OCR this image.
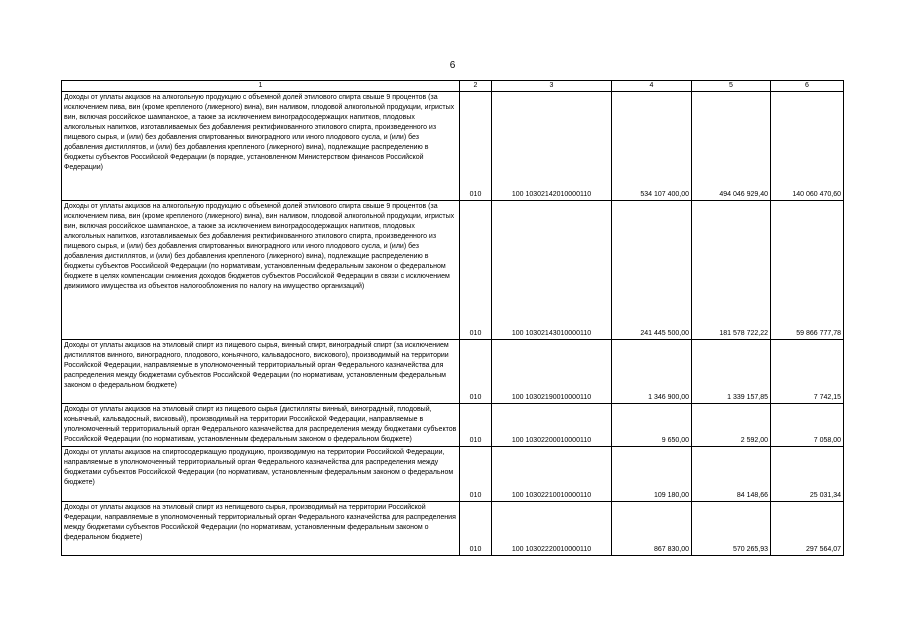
6
1	2	3	4	5	6
Доходы от уплаты акцизов на алкогольную продукцию с объемной долей этилового спирта свыше 9 процентов (за исключением пива, вин (кроме крепленого (ликерного) вина), вин наливом, плодовой алкогольной продукции, игристых вин, включая российское шампанское, а также за исключением виноградосодержащих напитков, плодовых алкогольных напитков, изготавливаемых без добавления ректификованного этилового спирта, произведенного из пищевого сырья, и (или) без добавления спиртованных виноградного или иного плодового сусла, и (или) без добавления дистиллятов, и (или) без добавления крепленого (ликерного) вина), подлежащие распределению в бюджеты субъектов Российской Федерации (в порядке, установленном Министерством финансов Российской Федерации)	010	100 10302142010000110	534 107 400,00	494 046 929,40	140 060 470,60
Доходы от уплаты акцизов на алкогольную продукцию с объемной долей этилового спирта свыше 9 процентов (за исключением пива, вин (кроме крепленого (ликерного) вина), вин наливом, плодовой алкогольной продукции, игристых вин, включая российское шампанское, а также за исключением виноградосодержащих напитков, плодовых алкогольных напитков, изготавливаемых без добавления ректификованного этилового спирта, произведенного из пищевого сырья, и (или) без добавления спиртованных виноградного или иного плодового сусла, и (или) без добавления дистиллятов, и (или) без добавления крепленого (ликерного) вина), подлежащие распределению в бюджеты субъектов Российской Федерации (по нормативам, установленным федеральным законом о федеральном бюджете в целях компенсации снижения доходов бюджетов субъектов Российской Федерации в связи с исключением движимого имущества из объектов налогообложения по налогу на имущество организаций)	010	100 10302143010000110	241 445 500,00	181 578 722,22	59 866 777,78
Доходы от уплаты акцизов на этиловый спирт из пищевого сырья, винный спирт, виноградный спирт (за исключением дистиллятов винного, виноградного, плодового, коньячного, кальвадосного, вискового), производимый на территории Российской Федерации, направляемые в уполномоченный территориальный орган Федерального казначейства для распределения между бюджетами субъектов Российской Федерации (по нормативам, установленным федеральным законом о федеральном бюджете)	010	100 10302190010000110	1 346 900,00	1 339 157,85	7 742,15
Доходы от уплаты акцизов на этиловый спирт из пищевого сырья (дистилляты винный, виноградный, плодовый, коньячный, кальвадосный, висковый), производимый на территории Российской Федерации, направляемые в уполномоченный территориальный орган Федерального казначейства для распределения между бюджетами субъектов Российской Федерации (по нормативам, установленным федеральным законом о федеральном бюджете)	010	100 10302200010000110	9 650,00	2 592,00	7 058,00
Доходы от уплаты акцизов на спиртосодержащую продукцию, производимую на территории Российской Федерации, направляемые в уполномоченный территориальный орган Федерального казначейства для распределения между бюджетами субъектов Российской Федерации (по нормативам, установленным федеральным законом о федеральном бюджете)	010	100 10302210010000110	109 180,00	84 148,66	25 031,34
Доходы от уплаты акцизов на этиловый спирт из непищевого сырья, производимый на территории Российской Федерации, направляемые в уполномоченный территориальный орган Федерального казначейства для распределения между бюджетами субъектов Российской Федерации (по нормативам, установленным федеральным законом о федеральном бюджете)	010	100 10302220010000110	867 830,00	570 265,93	297 564,07
